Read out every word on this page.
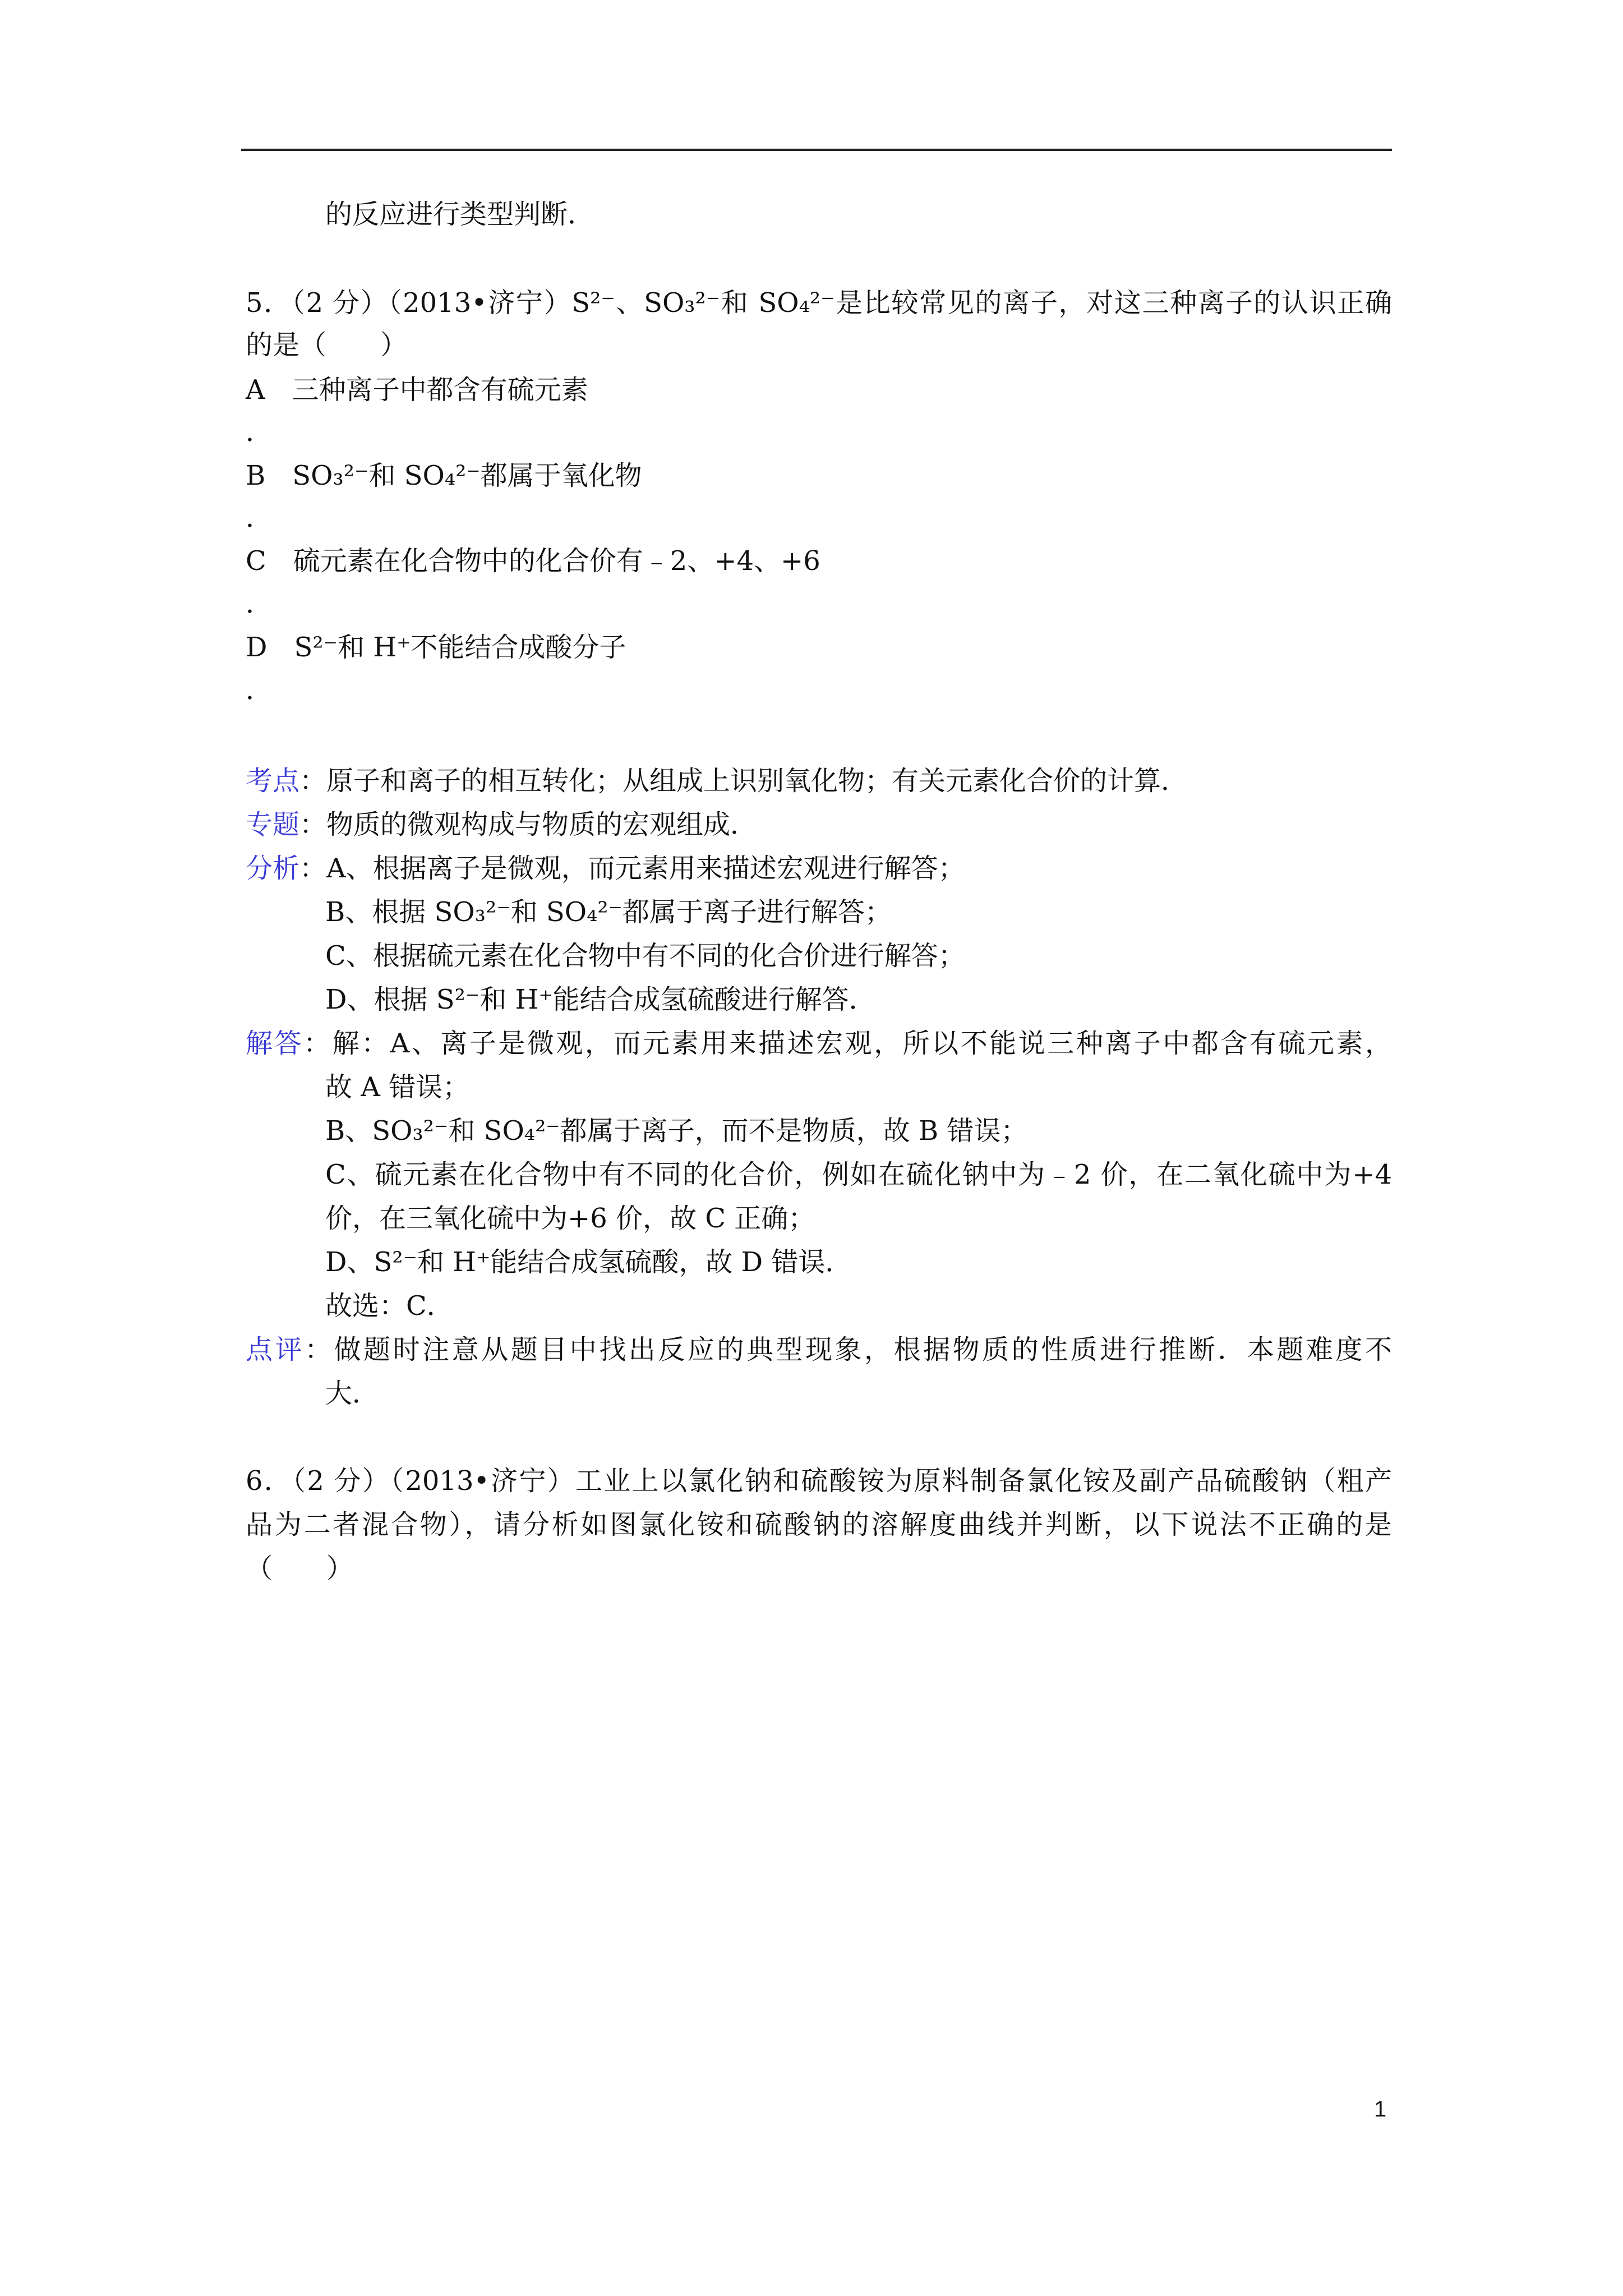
的反应进行类型判断．
5．（2 分）（2013•济宁）S²⁻、SO₃²⁻和 SO₄²⁻是比较常见的离子，对这三种离子的认识正确
的是（　　）
A　三种离子中都含有硫元素
．
B　SO₃²⁻和 SO₄²⁻都属于氧化物
．
C　硫元素在化合物中的化合价有﹣2、+4、+6
．
D　S²⁻和 H⁺不能结合成酸分子
．
考点：原子和离子的相互转化；从组成上识别氧化物；有关元素化合价的计算．
专题：物质的微观构成与物质的宏观组成．
分析：A、根据离子是微观，而元素用来描述宏观进行解答；
B、根据 SO₃²⁻和 SO₄²⁻都属于离子进行解答；
C、根据硫元素在化合物中有不同的化合价进行解答；
D、根据 S²⁻和 H⁺能结合成氢硫酸进行解答．
解答：解：A、离子是微观，而元素用来描述宏观，所以不能说三种离子中都含有硫元素，
故 A 错误；
B、SO₃²⁻和 SO₄²⁻都属于离子，而不是物质，故 B 错误；
C、硫元素在化合物中有不同的化合价，例如在硫化钠中为﹣2 价，在二氧化硫中为+4
价，在三氧化硫中为+6 价，故 C 正确；
D、S²⁻和 H⁺能结合成氢硫酸，故 D 错误．
故选：C．
点评：做题时注意从题目中找出反应的典型现象，根据物质的性质进行推断．本题难度不
大．
6．（2 分）（2013•济宁）工业上以氯化钠和硫酸铵为原料制备氯化铵及副产品硫酸钠（粗产
品为二者混合物），请分析如图氯化铵和硫酸钠的溶解度曲线并判断，以下说法不正确的是
（　　）
1
